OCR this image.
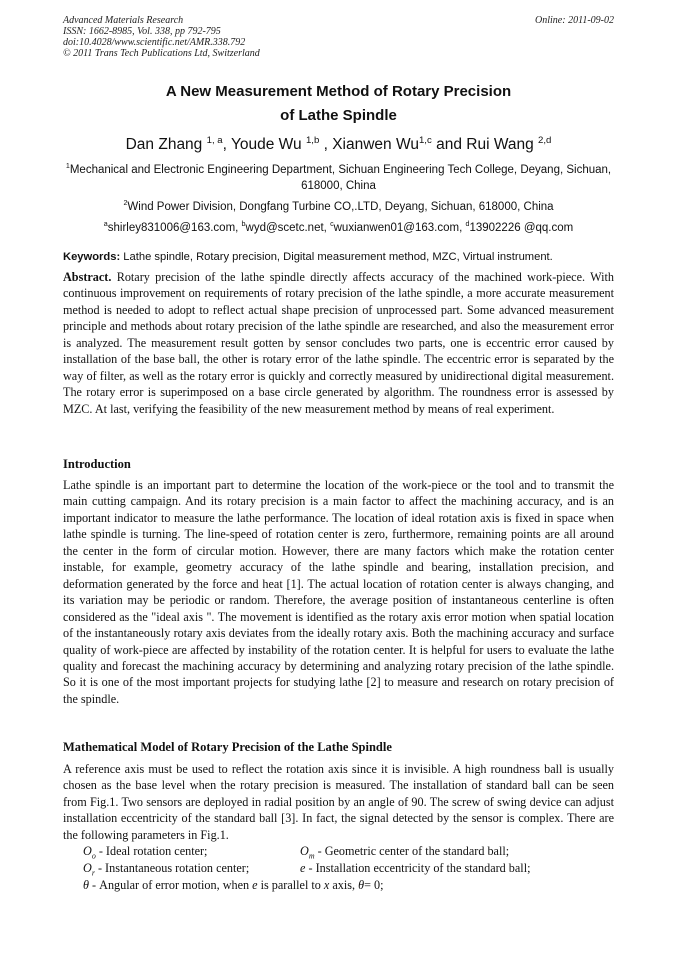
Advanced Materials Research
ISSN: 1662-8985, Vol. 338, pp 792-795
doi:10.4028/www.scientific.net/AMR.338.792
© 2011 Trans Tech Publications Ltd, Switzerland
Online: 2011-09-02
A New Measurement Method of Rotary Precision
of Lathe Spindle
Dan Zhang $^{1, a}$, Youde Wu $^{1,b}$ , Xianwen Wu$^{1,c}$ and Rui Wang $^{2,d}$
$^1$Mechanical and Electronic Engineering Department, Sichuan Engineering Tech College, Deyang, Sichuan, 618000, China
$^2$Wind Power Division, Dongfang Turbine CO,.LTD, Deyang, Sichuan, 618000, China
$^a$shirley831006@163.com, $^b$wyd@scetc.net, $^c$wuxianwen01@163.com, $^d$13902226 @qq.com
Keywords: Lathe spindle, Rotary precision, Digital measurement method, MZC, Virtual instrument.
Abstract. Rotary precision of the lathe spindle directly affects accuracy of the machined work-piece. With continuous improvement on requirements of rotary precision of the lathe spindle, a more accurate measurement method is needed to adopt to reflect actual shape precision of unprocessed part. Some advanced measurement principle and methods about rotary precision of the lathe spindle are researched, and also the measurement error is analyzed. The measurement result gotten by sensor concludes two parts, one is eccentric error caused by installation of the base ball, the other is rotary error of the lathe spindle. The eccentric error is separated by the way of filter, as well as the rotary error is quickly and correctly measured by unidirectional digital measurement. The rotary error is superimposed on a base circle generated by algorithm. The roundness error is assessed by MZC. At last, verifying the feasibility of the new measurement method by means of real experiment.
Introduction
Lathe spindle is an important part to determine the location of the work-piece or the tool and to transmit the main cutting campaign. And its rotary precision is a main factor to affect the machining accuracy, and is an important indicator to measure the lathe performance. The location of ideal rotation axis is fixed in space when lathe spindle is turning. The line-speed of rotation center is zero, furthermore, remaining points are all around the center in the form of circular motion. However, there are many factors which make the rotation center instable, for example, geometry accuracy of the lathe spindle and bearing, installation precision, and deformation generated by the force and heat [1]. The actual location of rotation center is always changing, and its variation may be periodic or random. Therefore, the average position of instantaneous centerline is often considered as the "ideal axis ". The movement is identified as the rotary axis error motion when spatial location of the instantaneously rotary axis deviates from the ideally rotary axis. Both the machining accuracy and surface quality of work-piece are affected by instability of the rotation center. It is helpful for users to evaluate the lathe quality and forecast the machining accuracy by determining and analyzing rotary precision of the lathe spindle. So it is one of the most important projects for studying lathe [2] to measure and research on rotary precision of the spindle.
Mathematical Model of Rotary Precision of the Lathe Spindle
A reference axis must be used to reflect the rotation axis since it is invisible. A high roundness ball is usually chosen as the base level when the rotary precision is measured. The installation of standard ball can be seen from Fig.1. Two sensors are deployed in radial position by an angle of 90. The screw of swing device can adjust installation eccentricity of the standard ball [3]. In fact, the signal detected by the sensor is complex. There are the following parameters in Fig.1.
$O_o$ - Ideal rotation center;	$O_m$ - Geometric center of the standard ball;
$O_r$ - Instantaneous rotation center;	e - Installation eccentricity of the standard ball;
θ - Angular of error motion, when e is parallel to x axis, θ= 0;
